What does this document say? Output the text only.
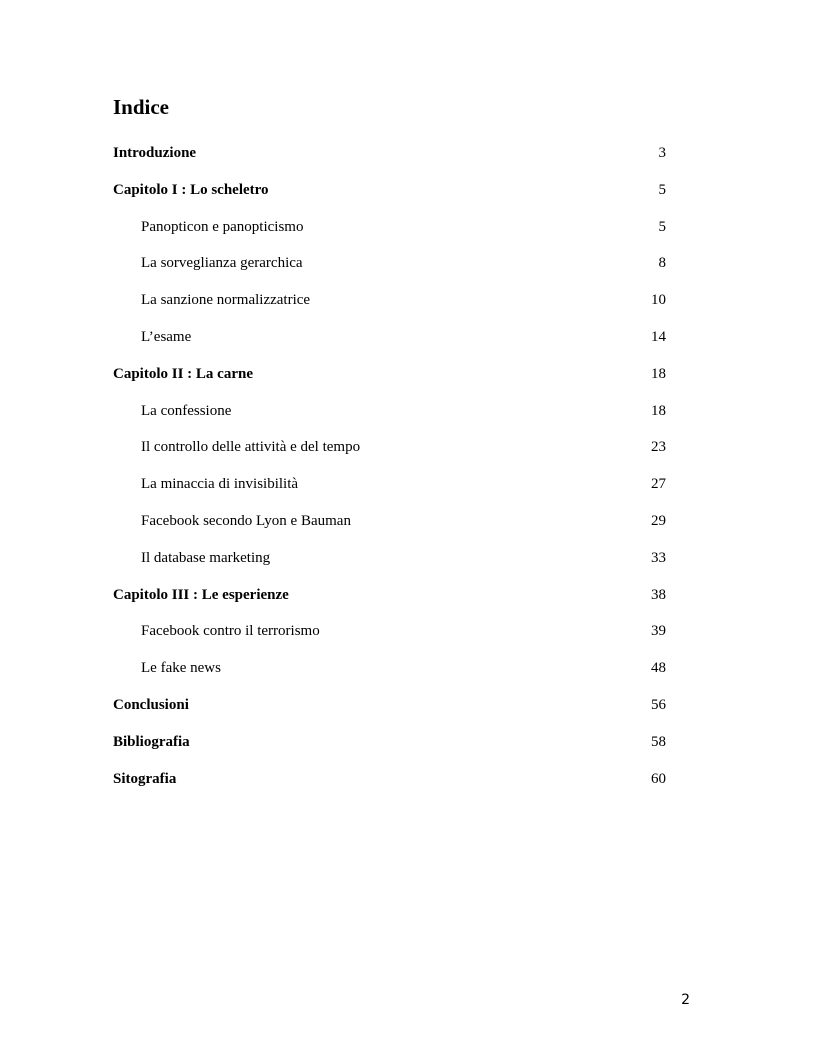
Indice
Introduzione	3
Capitolo I : Lo scheletro	5
Panopticon e panopticismo	5
La sorveglianza gerarchica	8
La sanzione normalizzatrice	10
L’esame	14
Capitolo II : La carne	18
La confessione	18
Il controllo delle attività e del tempo	23
La minaccia di invisibilità	27
Facebook secondo Lyon e Bauman	29
Il database marketing	33
Capitolo III : Le esperienze	38
Facebook contro il terrorismo	39
Le fake news	48
Conclusioni	56
Bibliografia	58
Sitografia	60
2
